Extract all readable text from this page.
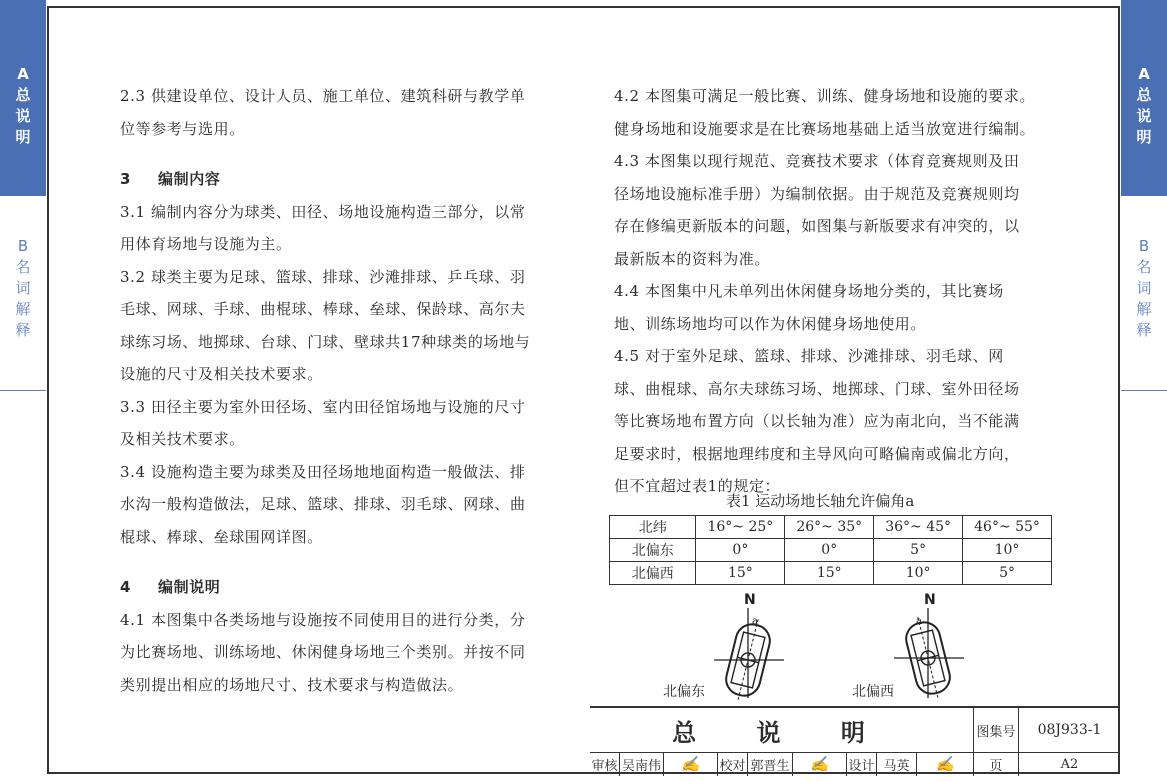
A
总
说
明
B
名
词
解
释
A
总
说
明
B
名
词
解
释

2.3 供建设单位、设计人员、施工单位、建筑科研与教学单

位等参考与选用。

3 编制内容

3.1 编制内容分为球类、田径、场地设施构造三部分，以常

用体育场地与设施为主。

3.2 球类主要为足球、篮球、排球、沙滩排球、乒乓球、羽

毛球、网球、手球、曲棍球、棒球、垒球、保龄球、高尔夫

球练习场、地掷球、台球、门球、壁球共17种球类的场地与

设施的尺寸及相关技术要求。

3.3 田径主要为室外田径场、室内田径馆场地与设施的尺寸

及相关技术要求。

3.4 设施构造主要为球类及田径场地地面构造一般做法、排

水沟一般构造做法，足球、篮球、排球、羽毛球、网球、曲

棍球、棒球、垒球围网详图。

4 编制说明

4.1 本图集中各类场地与设施按不同使用目的进行分类，分

为比赛场地、训练场地、休闲健身场地三个类别。并按不同

类别提出相应的场地尺寸、技术要求与构造做法。

4.2 本图集可满足一般比赛、训练、健身场地和设施的要求。

健身场地和设施要求是在比赛场地基础上适当放宽进行编制。

4.3 本图集以现行规范、竞赛技术要求（体育竞赛规则及田

径场地设施标准手册）为编制依据。由于规范及竞赛规则均

存在修编更新版本的问题，如图集与新版要求有冲突的，以

最新版本的资料为准。

4.4 本图集中凡未单列出休闲健身场地分类的，其比赛场

地、训练场地均可以作为休闲健身场地使用。

4.5 对于室外足球、篮球、排球、沙滩排球、羽毛球、网

球、曲棍球、高尔夫球练习场、地掷球、门球、室外田径场

等比赛场地布置方向（以长轴为准）应为南北向，当不能满

足要求时，根据地理纬度和主导风向可略偏南或偏北方向，

但不宜超过表1的规定：

表1 运动场地长轴允许偏角a
北纬	16°~ 25°	26°~ 35°	36°~ 45°	46°~ 55°
北偏东	0°	0°	5°	10°
北偏西	15°	15°	10°	5°
N
a
北偏东
N
a
北偏西
总 说 明	图集号	08J933-1
审核 吴南伟	✍	校对 郭晋生	✍	设计 马英	✍	页	A2
